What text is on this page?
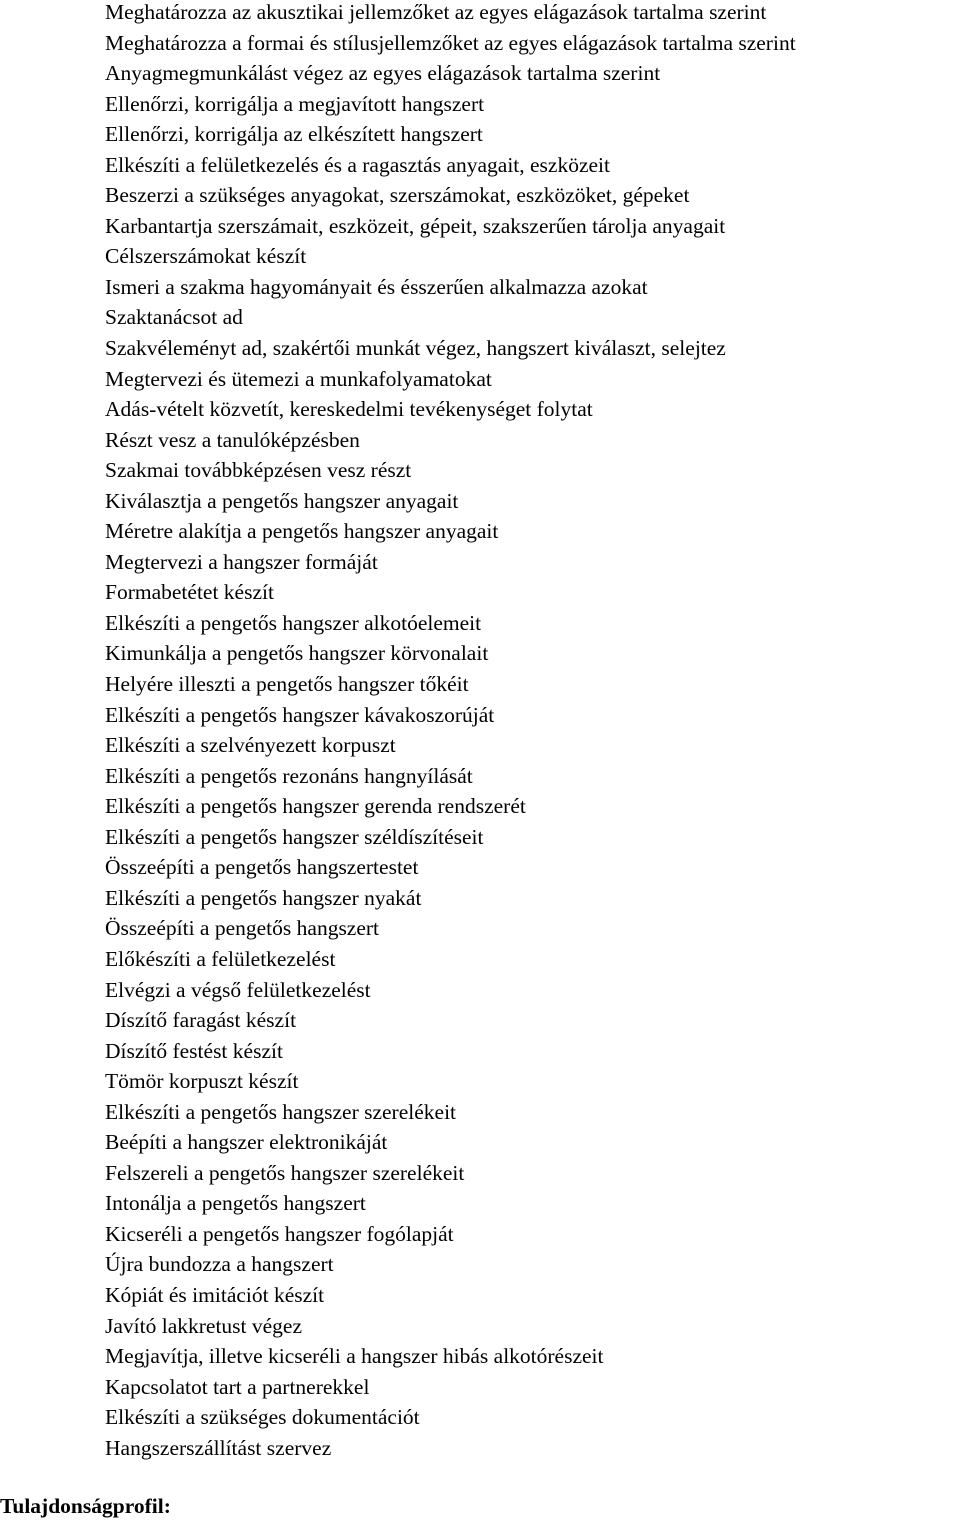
Meghatározza az akusztikai jellemzőket az egyes elágazások tartalma szerint
Meghatározza a formai és stílusjellemzőket az egyes elágazások tartalma szerint
Anyagmegmunkálást végez az egyes elágazások tartalma szerint
Ellenőrzi, korrigálja a megjavított hangszert
Ellenőrzi, korrigálja az elkészített hangszert
Elkészíti a felületkezelés és a ragasztás anyagait, eszközeit
Beszerzi a szükséges anyagokat, szerszámokat, eszközöket, gépeket
Karbantartja szerszámait, eszközeit, gépeit, szakszerűen tárolja anyagait
Célszerszámokat készít
Ismeri a szakma hagyományait és ésszerűen alkalmazza azokat
Szaktanácsot ad
Szakvéleményt ad, szakértői munkát végez, hangszert kiválaszt, selejtez
Megtervezi és ütemezi a munkafolyamatokat
Adás-vételt közvetít, kereskedelmi tevékenységet folytat
Részt vesz a tanulóképzésben
Szakmai továbbképzésen vesz részt
Kiválasztja a pengetős hangszer anyagait
Méretre alakítja a pengetős hangszer anyagait
Megtervezi a hangszer formáját
Formabetétet készít
Elkészíti a pengetős hangszer alkotóelemeit
Kimunkálja a pengetős hangszer körvonalait
Helyére illeszti a pengetős hangszer tőkéit
Elkészíti a pengetős hangszer kávakoszorúját
Elkészíti a szelvényezett korpuszt
Elkészíti a pengetős rezonáns hangnyílását
Elkészíti a pengetős hangszer gerenda rendszerét
Elkészíti a pengetős hangszer széldíszítéseit
Összeépíti a pengetős hangszertestet
Elkészíti a pengetős hangszer nyakát
Összeépíti a pengetős hangszert
Előkészíti a felületkezelést
Elvégzi a végső felületkezelést
Díszítő faragást készít
Díszítő festést készít
Tömör korpuszt készít
Elkészíti a pengetős hangszer szerelékeit
Beépíti a hangszer elektronikáját
Felszereli a pengetős hangszer szerelékeit
Intonálja a pengetős hangszert
Kicseréli a pengetős hangszer fogólapját
Újra bundozza a hangszert
Kópiát és imitációt készít
Javító lakkretust végez
Megjavítja, illetve kicseréli a hangszer hibás alkotórészeit
Kapcsolatot tart a partnerekkel
Elkészíti a szükséges dokumentációt
Hangszerszállítást szervez
Tulajdonságprofil:
